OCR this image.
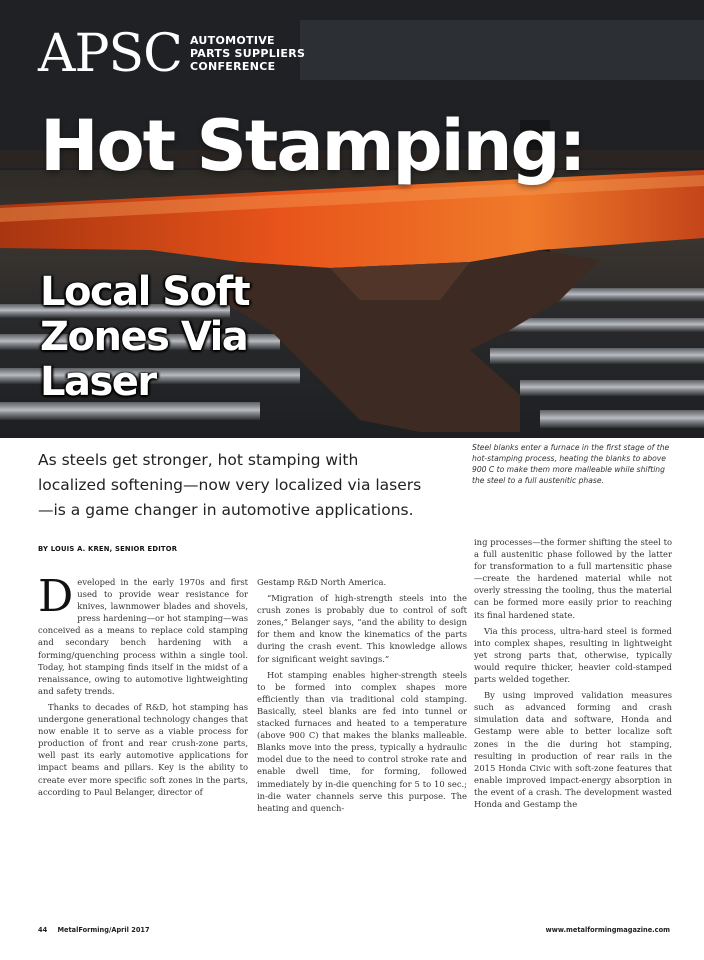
APSC AUTOMOTIVE PARTS SUPPLIERS CONFERENCE
Hot Stamping:
Local Soft Zones Via Laser
As steels get stronger, hot stamping with localized softening—now very localized via lasers—is a game changer in automotive applications.
Steel blanks enter a furnace in the first stage of the hot-stamping process, heating the blanks to above 900 C to make them more malleable while shifting the steel to a full austenitic phase.
BY LOUIS A. KREN, SENIOR EDITOR

Developed in the early 1970s and first used to provide wear resistance for knives, lawnmower blades and shovels, press hardening—or hot stamping—was conceived as a means to replace cold stamping and secondary bench hardening with a forming/quenching process within a single tool. Today, hot stamping finds itself in the midst of a renaissance, owing to automotive lightweighting and safety trends.

Thanks to decades of R&D, hot stamping has undergone generational technology changes that now enable it to serve as a viable process for production of front and rear crush-zone parts, well past its early automotive applications for impact beams and pillars. Key is the ability to create ever more specific soft zones in the parts, according to Paul Belanger, director of

Gestamp R&D North America.

“Migration of high-strength steels into the crush zones is probably due to control of soft zones,” Belanger says, “and the ability to design for them and know the kinematics of the parts during the crash event. This knowledge allows for significant weight savings.”

Hot stamping enables higher-strength steels to be formed into complex shapes more efficiently than via traditional cold stamping. Basically, steel blanks are fed into tunnel or stacked furnaces and heated to a temperature (above 900 C) that makes the blanks malleable. Blanks move into the press, typically a hydraulic model due to the need to control stroke rate and enable dwell time, for forming, followed immediately by in-die quenching for 5 to 10 sec.; in-die water channels serve this purpose. The heating and quench-

ing processes—the former shifting the steel to a full austenitic phase followed by the latter for transformation to a full martensitic phase—create the hardened material while not overly stressing the tooling, thus the material can be formed more easily prior to reaching its final hardened state.

Via this process, ultra-hard steel is formed into complex shapes, resulting in lightweight yet strong parts that, otherwise, typically would require thicker, heavier cold-stamped parts welded together.

By using improved validation measures such as advanced forming and crash simulation data and software, Honda and Gestamp were able to better localize soft zones in the die during hot stamping, resulting in production of rear rails in the 2015 Honda Civic with soft-zone features that enable improved impact-energy absorption in the event of a crash. The development wasted Honda and Gestamp the

44 MetalForming/April 2017	www.metalformingmagazine.com
